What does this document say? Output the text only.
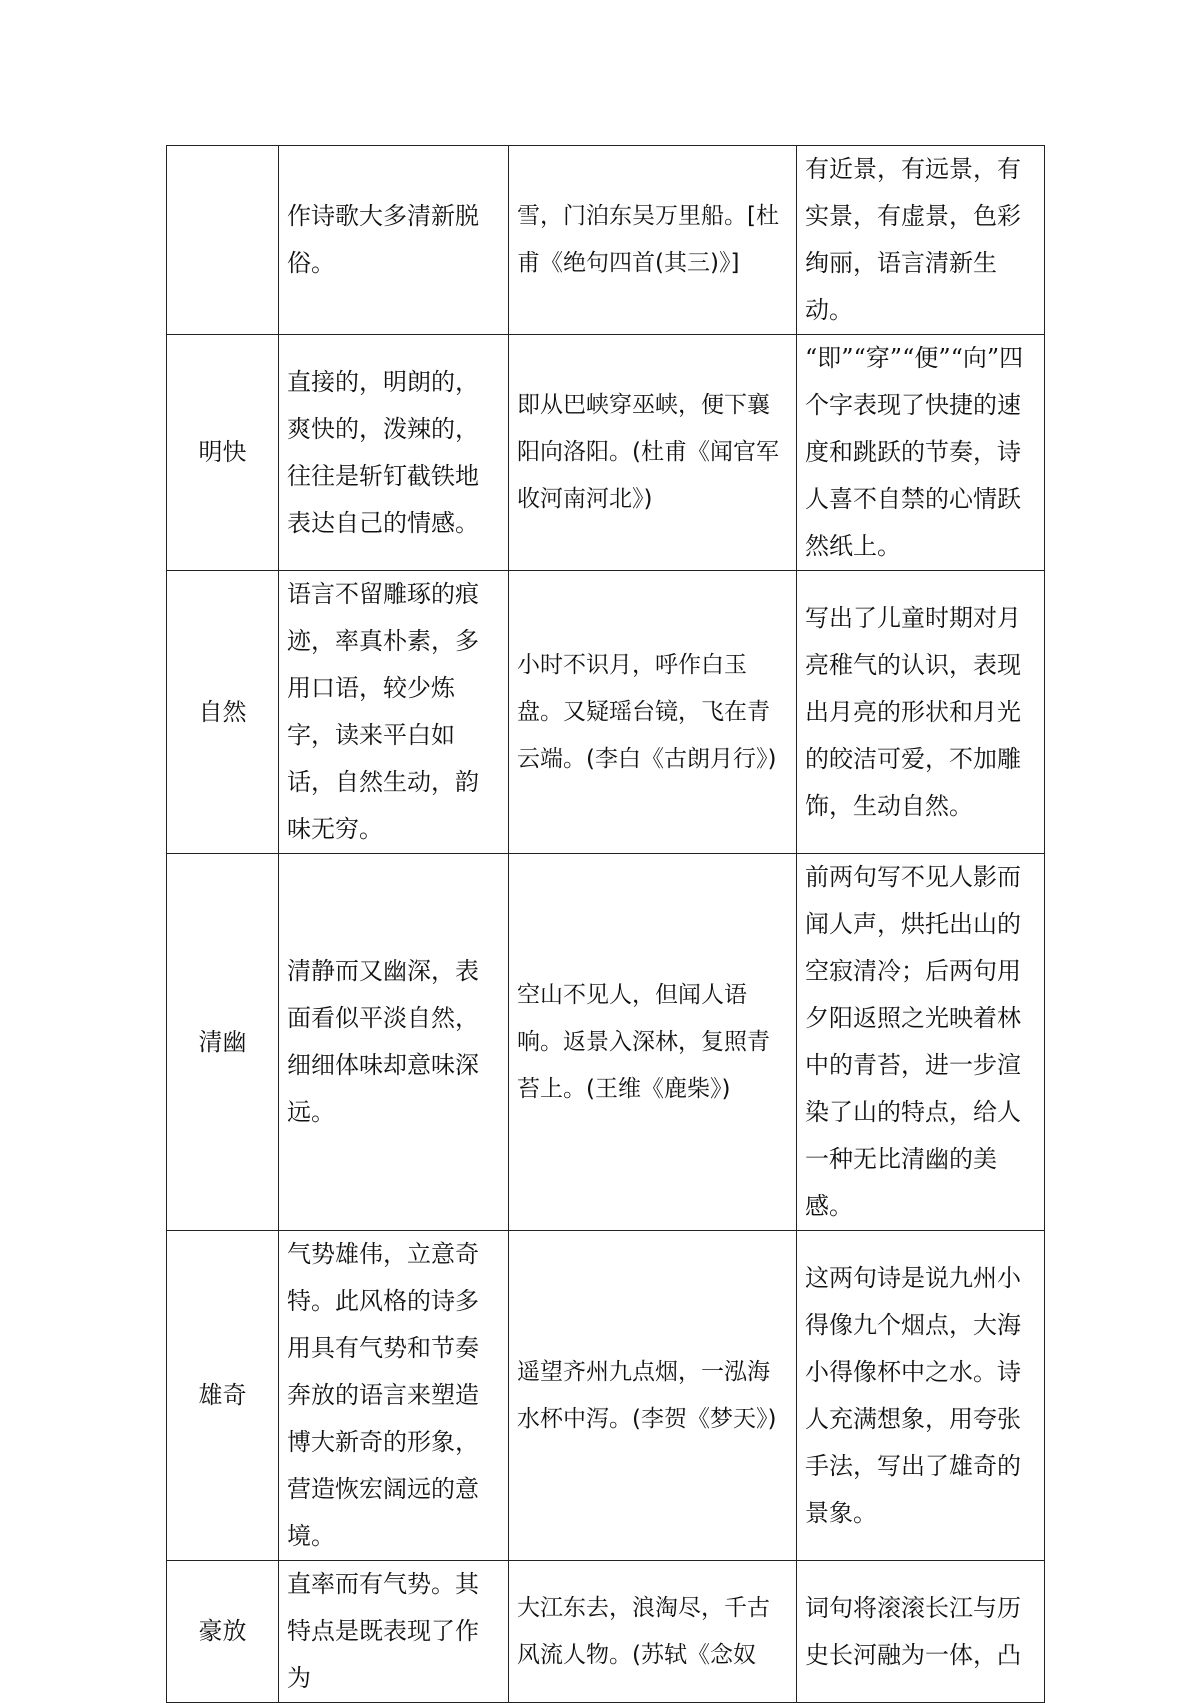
	作诗歌大多清新脱俗。	雪，门泊东吴万里船。[杜甫《绝句四首(其三)》]	有近景，有远景，有实景，有虚景，色彩绚丽，语言清新生动。
明快	直接的，明朗的，爽快的，泼辣的，往往是斩钉截铁地表达自己的情感。	即从巴峡穿巫峡，便下襄阳向洛阳。(杜甫《闻官军收河南河北》)	“即”“穿”“便”“向”四个字表现了快捷的速度和跳跃的节奏，诗人喜不自禁的心情跃然纸上。
自然	语言不留雕琢的痕迹，率真朴素，多用口语，较少炼字，读来平白如话，自然生动，韵味无穷。	小时不识月，呼作白玉盘。又疑瑶台镜，飞在青云端。(李白《古朗月行》)	写出了儿童时期对月亮稚气的认识，表现出月亮的形状和月光的皎洁可爱，不加雕饰，生动自然。
清幽	清静而又幽深，表面看似平淡自然，细细体味却意味深远。	空山不见人，但闻人语响。返景入深林，复照青苔上。(王维《鹿柴》)	前两句写不见人影而闻人声，烘托出山的空寂清冷；后两句用夕阳返照之光映着林中的青苔，进一步渲染了山的特点，给人一种无比清幽的美感。
雄奇	气势雄伟，立意奇特。此风格的诗多用具有气势和节奏奔放的语言来塑造博大新奇的形象，营造恢宏阔远的意境。	遥望齐州九点烟，一泓海水杯中泻。(李贺《梦天》)	这两句诗是说九州小得像九个烟点，大海小得像杯中之水。诗人充满想象，用夸张手法，写出了雄奇的景象。
豪放	直率而有气势。其特点是既表现了作为	大江东去，浪淘尽，千古风流人物。(苏轼《念奴	词句将滚滚长江与历史长河融为一体，凸
